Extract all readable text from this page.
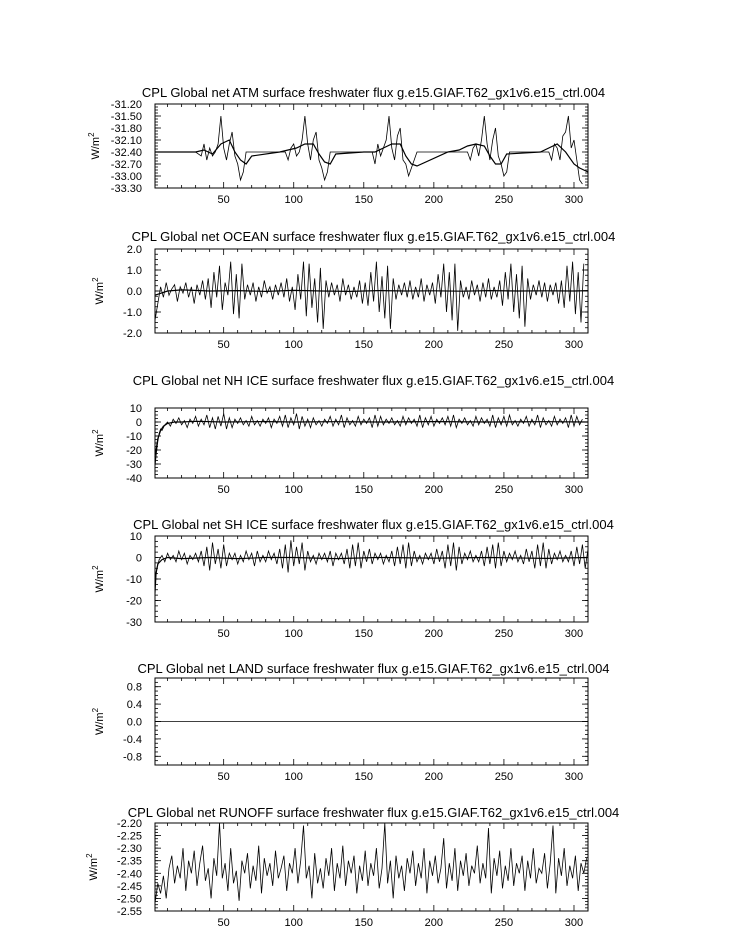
CPL Global net ATM surface freshwater flux g.e15.GIAF.T62_gx1v6.e15_ctrl.004
50	100	150	200	250	300
-31.20
-31.50
-31.80
-32.10
-32.40
-32.70
-33.00
-33.30
$W/m^2$
CPL Global net OCEAN surface freshwater flux g.e15.GIAF.T62_gx1v6.e15_ctrl.004
50	100	150	200	250	300
2.0
1.0
0.0
-1.0
-2.0
$W/m^2$
CPL Global net NH ICE surface freshwater flux g.e15.GIAF.T62_gx1v6.e15_ctrl.004
50	100	150	200	250	300
10
0
-10
-20
-30
-40
$W/m^2$
CPL Global net SH ICE surface freshwater flux g.e15.GIAF.T62_gx1v6.e15_ctrl.004
50	100	150	200	250	300
10
0
-10
-20
-30
$W/m^2$
CPL Global net LAND surface freshwater flux g.e15.GIAF.T62_gx1v6.e15_ctrl.004
50	100	150	200	250	300
0.8
0.4
0.0
-0.4
-0.8
$W/m^2$
CPL Global net RUNOFF surface freshwater flux g.e15.GIAF.T62_gx1v6.e15_ctrl.004
50	100	150	200	250	300
-2.20
-2.25
-2.30
-2.35
-2.40
-2.45
-2.50
-2.55
$W/m^2$
